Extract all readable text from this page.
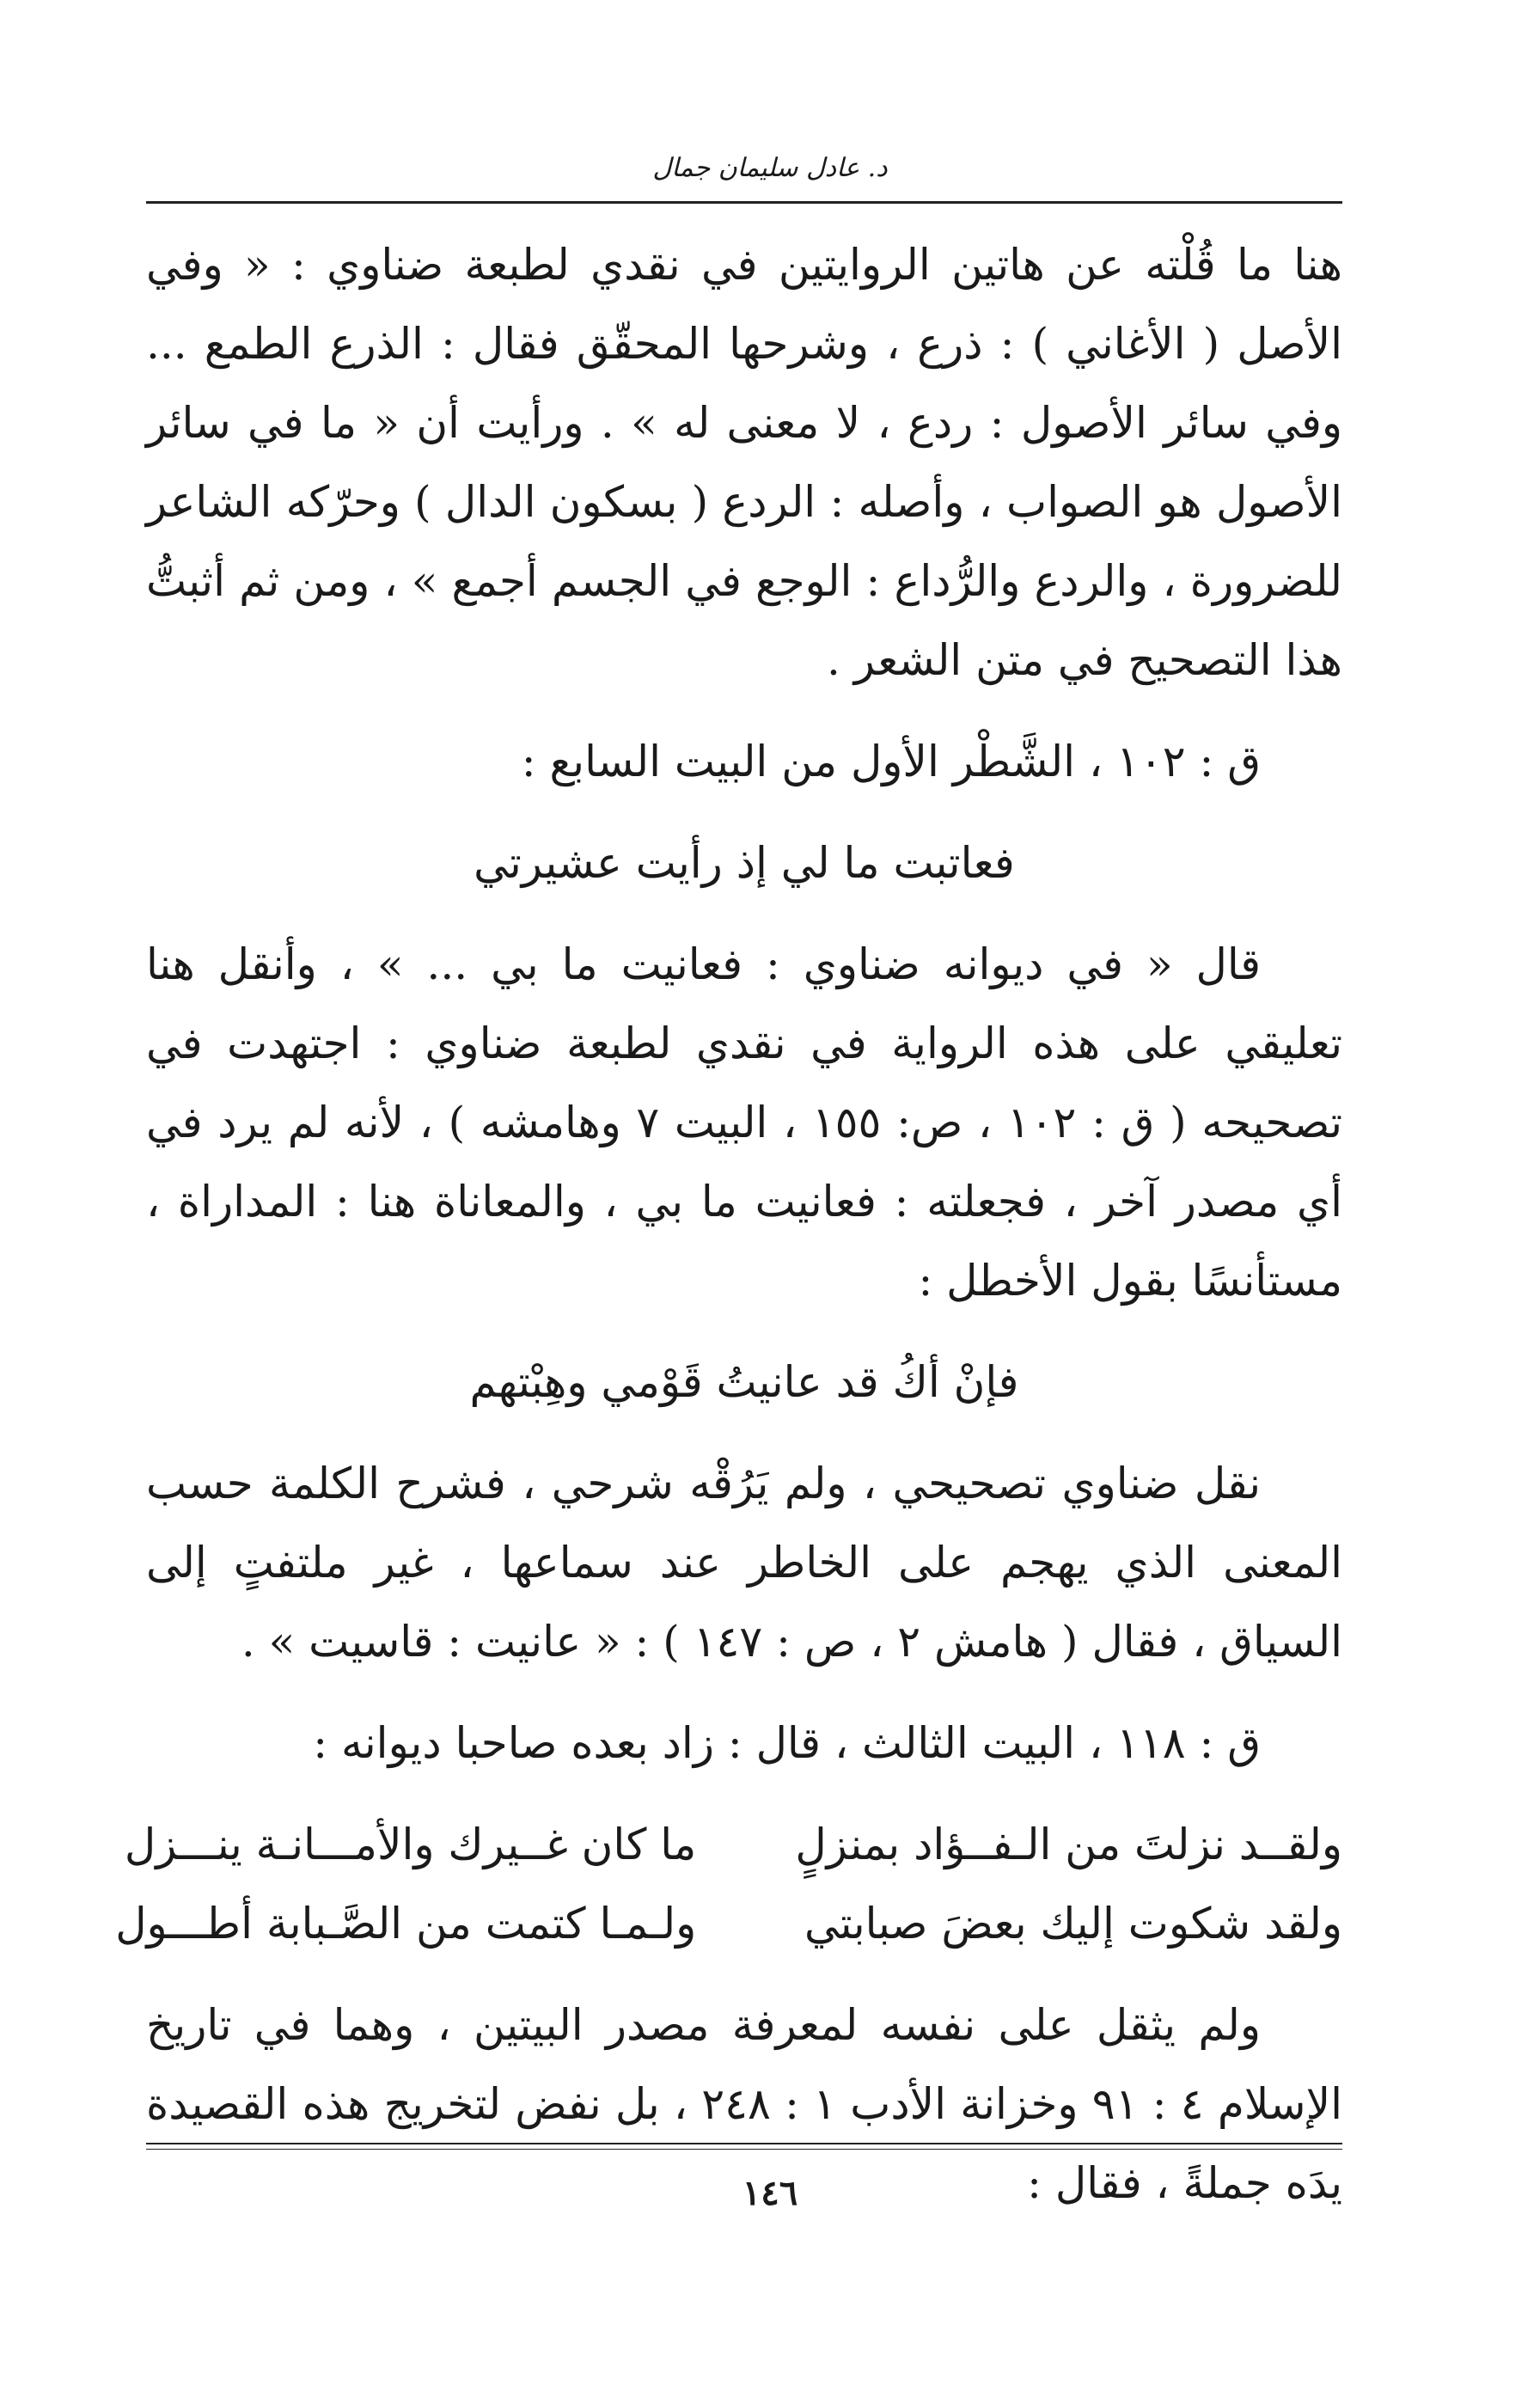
د. عادل سليمان جمال

هنا ما قُلْته عن هاتين الروايتين في نقدي لطبعة ضناوي : « وفي الأصل ( الأغاني ) : ذرع ، وشرحها المحقّق فقال : الذرع الطمع ... وفي سائر الأصول : ردع ، لا معنى له » . ورأيت أن « ما في سائر الأصول هو الصواب ، وأصله : الردع ( بسكون الدال ) وحرّكه الشاعر للضرورة ، والردع والرُّداع : الوجع في الجسم أجمع » ، ومن ثم أثبتُّ هذا التصحيح في متن الشعر .

ق : ١٠٢ ، الشَّطْر الأول من البيت السابع :

فعاتبت ما لي إذ رأيت عشيرتي

قال « في ديوانه ضناوي : فعانيت ما بي ... » ، وأنقل هنا تعليقي على هذه الرواية في نقدي لطبعة ضناوي : اجتهدت في تصحيحه ( ق : ١٠٢ ، ص: ١٥٥ ، البيت ٧ وهامشه ) ، لأنه لم يرد في أي مصدر آخر ، فجعلته : فعانيت ما بي ، والمعاناة هنا : المداراة ، مستأنسًا بقول الأخطل :

فإنْ أكُ قد عانيتُ قَوْمي وهِبْتهم

نقل ضناوي تصحيحي ، ولم يَرُقْه شرحي ، فشرح الكلمة حسب المعنى الذي يهجم على الخاطر عند سماعها ، غير ملتفتٍ إلى السياق ، فقال ( هامش ٢ ، ص : ١٤٧ ) : « عانيت : قاسيت » .

ق : ١١٨ ، البيت الثالث ، قال : زاد بعده صاحبا ديوانه :

ولقــد نزلتَ من الـفــؤاد بمنزلٍ
ما كان غــيرك والأمـــانـة ينـــزل
ولقد شكوت إليك بعضَ صبابتي
ولـمـا كتمت من الصَّـبابة أطـــول

ولم يثقل على نفسه لمعرفة مصدر البيتين ، وهما في تاريخ الإسلام ٤ : ٩١ وخزانة الأدب ١ : ٢٤٨ ، بل نفض لتخريج هذه القصيدة يدَه جملةً ، فقال :

١٤٦
